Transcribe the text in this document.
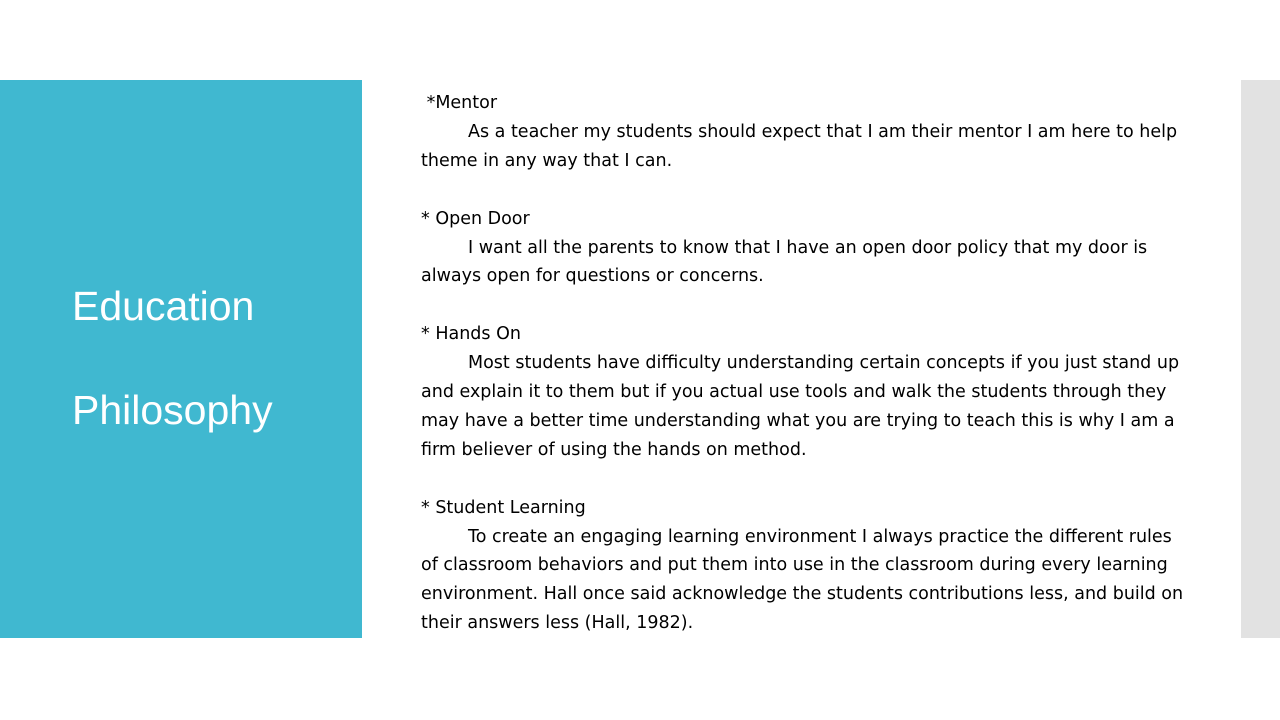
Education
Philosophy
*Mentor
As a teacher my students should expect that I am their mentor I am here to help theme in any way that I can.
* Open Door
I want all the parents to know that I have an open door policy that my door is always open for questions or concerns.
* Hands On
Most students have difficulty understanding certain concepts if you just stand up and explain it to them but if you actual use tools and walk the students through they may have a better time understanding what you are trying to teach this is why I am a firm believer of using the hands on method.
* Student Learning
To create an engaging learning environment I always practice the different rules of classroom behaviors and put them into use in the classroom during every learning environment. Hall once said acknowledge the students contributions less, and build on their answers less (Hall, 1982).
